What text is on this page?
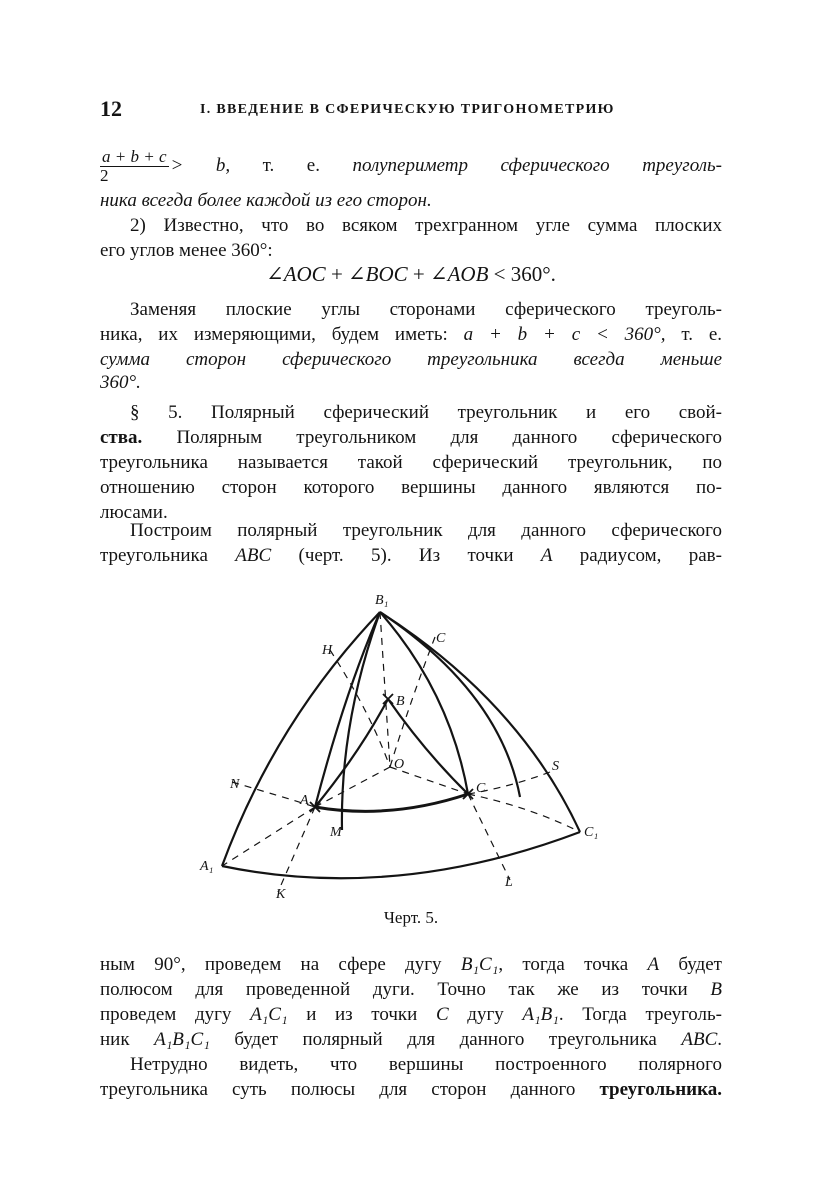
12	I. ВВЕДЕНИЕ В СФЕРИЧЕСКУЮ ТРИГОНОМЕТРИЮ
$\frac{a + b + c}{2} > b$, т. е. полупериметр сферического треуголь-
ника всегда более каждой из его сторон.
2) Известно, что во всяком трехгранном угле сумма плоских
его углов менее 360°:
∠AOC + ∠BOC + ∠AOB < 360°.
Заменяя плоские углы сторонами сферического треуголь-
ника, их измеряющими, будем иметь: a + b + c < 360°, т. е.
сумма сторон сферического треугольника всегда меньше
360°.
§ 5. Полярный сферический треугольник и его свой-
ства. Полярным треугольником для данного сферического
треугольника называется такой сферический треугольник, по
отношению сторон которого вершины данного являются по-
люсами.
Построим полярный треугольник для данного сферического
треугольника ABC (черт. 5). Из точки A радиусом, рав-
B₁
C
H
B
O	S
N	C
A
M	C₁
A₁
K
L
Черт. 5.
ным 90°, проведем на сфере дугу B₁C₁, тогда точка A будет
полюсом для проведенной дуги. Точно так же из точки B
проведем дугу A₁C₁ и из точки C дугу A₁B₁. Тогда треуголь-
ник A₁B₁C₁ будет полярный для данного треугольника ABC.
Нетрудно видеть, что вершины построенного полярного
треугольника суть полюсы для сторон данного треугольника.
